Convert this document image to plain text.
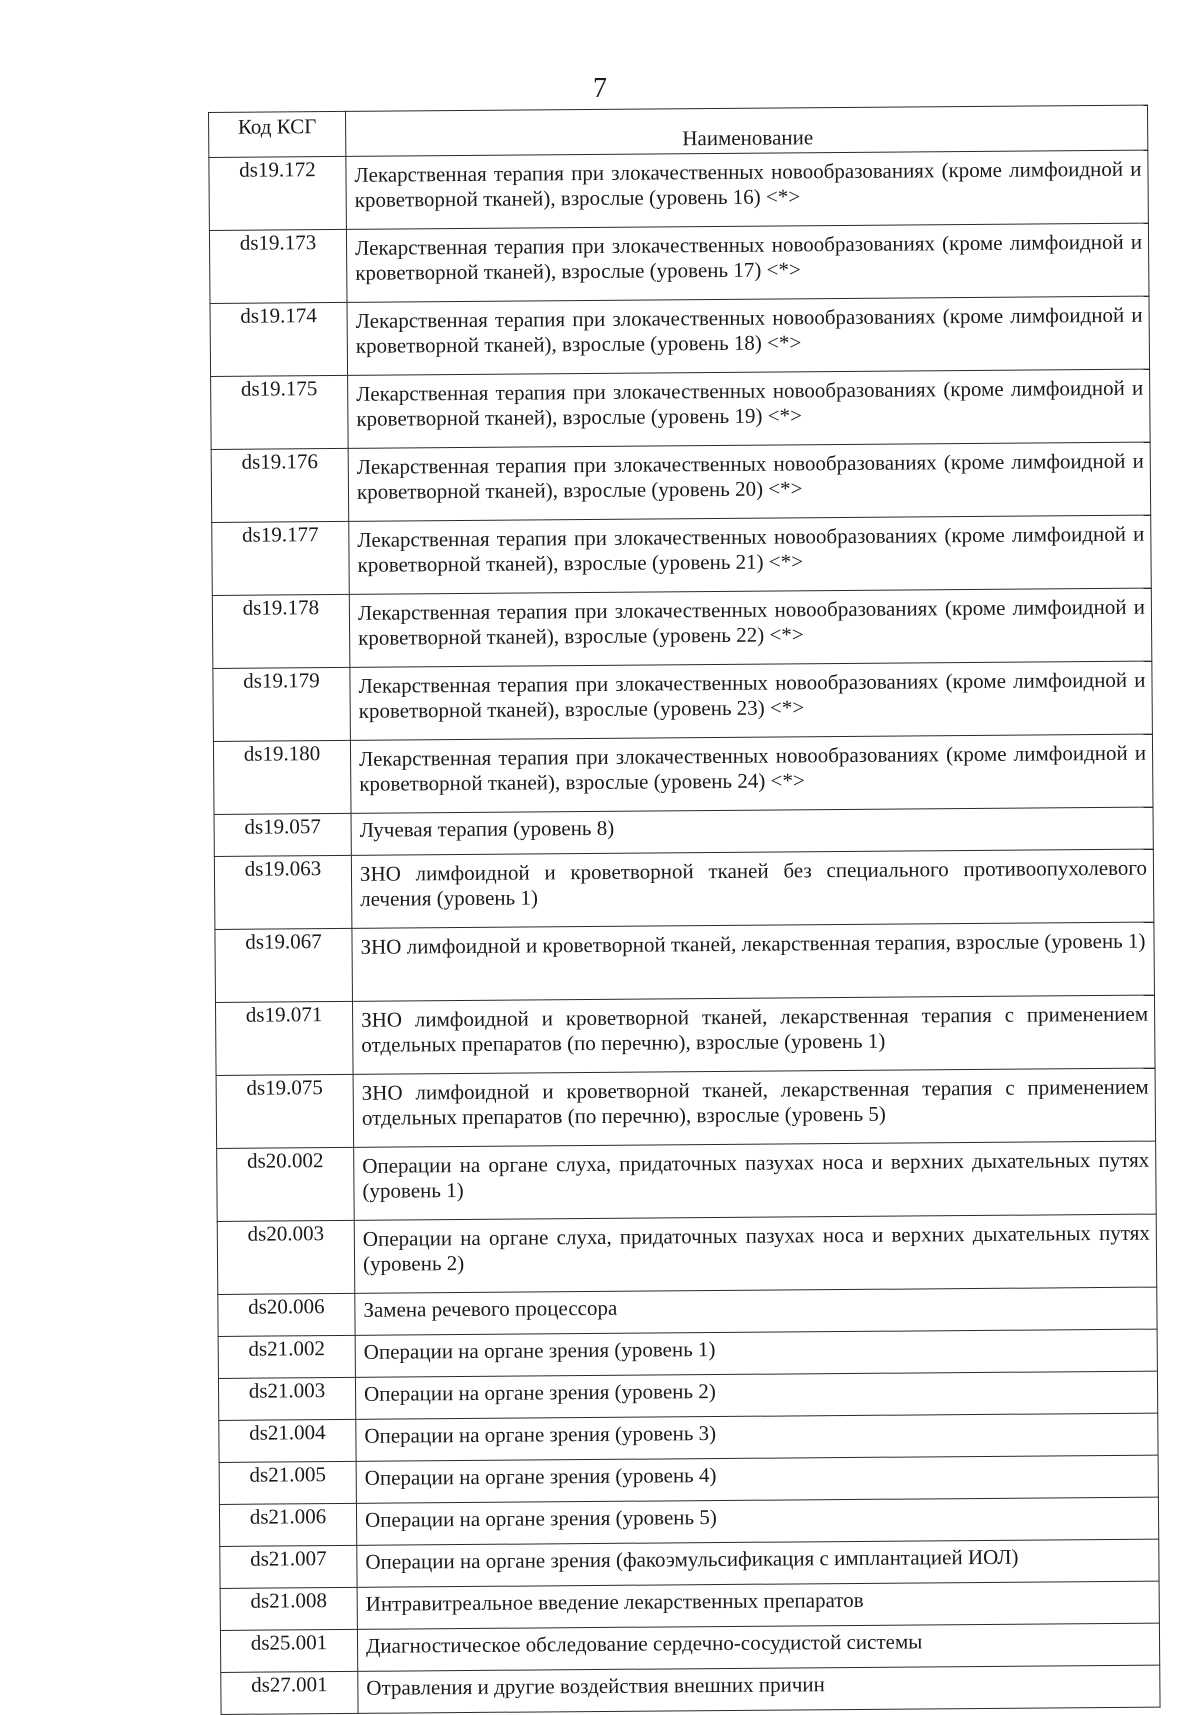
7
Код КСГ	Наименование
ds19.172	Лекарственная терапия при злокачественных новообразованиях (кроме лимфоидной и кроветворной тканей), взрослые (уровень 16) <*>
ds19.173	Лекарственная терапия при злокачественных новообразованиях (кроме лимфоидной и кроветворной тканей), взрослые (уровень 17) <*>
ds19.174	Лекарственная терапия при злокачественных новообразованиях (кроме лимфоидной и кроветворной тканей), взрослые (уровень 18) <*>
ds19.175	Лекарственная терапия при злокачественных новообразованиях (кроме лимфоидной и кроветворной тканей), взрослые (уровень 19) <*>
ds19.176	Лекарственная терапия при злокачественных новообразованиях (кроме лимфоидной и кроветворной тканей), взрослые (уровень 20) <*>
ds19.177	Лекарственная терапия при злокачественных новообразованиях (кроме лимфоидной и кроветворной тканей), взрослые (уровень 21) <*>
ds19.178	Лекарственная терапия при злокачественных новообразованиях (кроме лимфоидной и кроветворной тканей), взрослые (уровень 22) <*>
ds19.179	Лекарственная терапия при злокачественных новообразованиях (кроме лимфоидной и кроветворной тканей), взрослые (уровень 23) <*>
ds19.180	Лекарственная терапия при злокачественных новообразованиях (кроме лимфоидной и кроветворной тканей), взрослые (уровень 24) <*>
ds19.057	Лучевая терапия (уровень 8)
ds19.063	ЗНО лимфоидной и кроветворной тканей без специального противоопухолевого лечения (уровень 1)
ds19.067	ЗНО лимфоидной и кроветворной тканей, лекарственная терапия, взрослые (уровень 1)
ds19.071	ЗНО лимфоидной и кроветворной тканей, лекарственная терапия с применением отдельных препаратов (по перечню), взрослые (уровень 1)
ds19.075	ЗНО лимфоидной и кроветворной тканей, лекарственная терапия с применением отдельных препаратов (по перечню), взрослые (уровень 5)
ds20.002	Операции на органе слуха, придаточных пазухах носа и верхних дыхательных путях (уровень 1)
ds20.003	Операции на органе слуха, придаточных пазухах носа и верхних дыхательных путях (уровень 2)
ds20.006	Замена речевого процессора
ds21.002	Операции на органе зрения (уровень 1)
ds21.003	Операции на органе зрения (уровень 2)
ds21.004	Операции на органе зрения (уровень 3)
ds21.005	Операции на органе зрения (уровень 4)
ds21.006	Операции на органе зрения (уровень 5)
ds21.007	Операции на органе зрения (факоэмульсификация с имплантацией ИОЛ)
ds21.008	Интравитреальное введение лекарственных препаратов
ds25.001	Диагностическое обследование сердечно-сосудистой системы
ds27.001	Отравления и другие воздействия внешних причин
